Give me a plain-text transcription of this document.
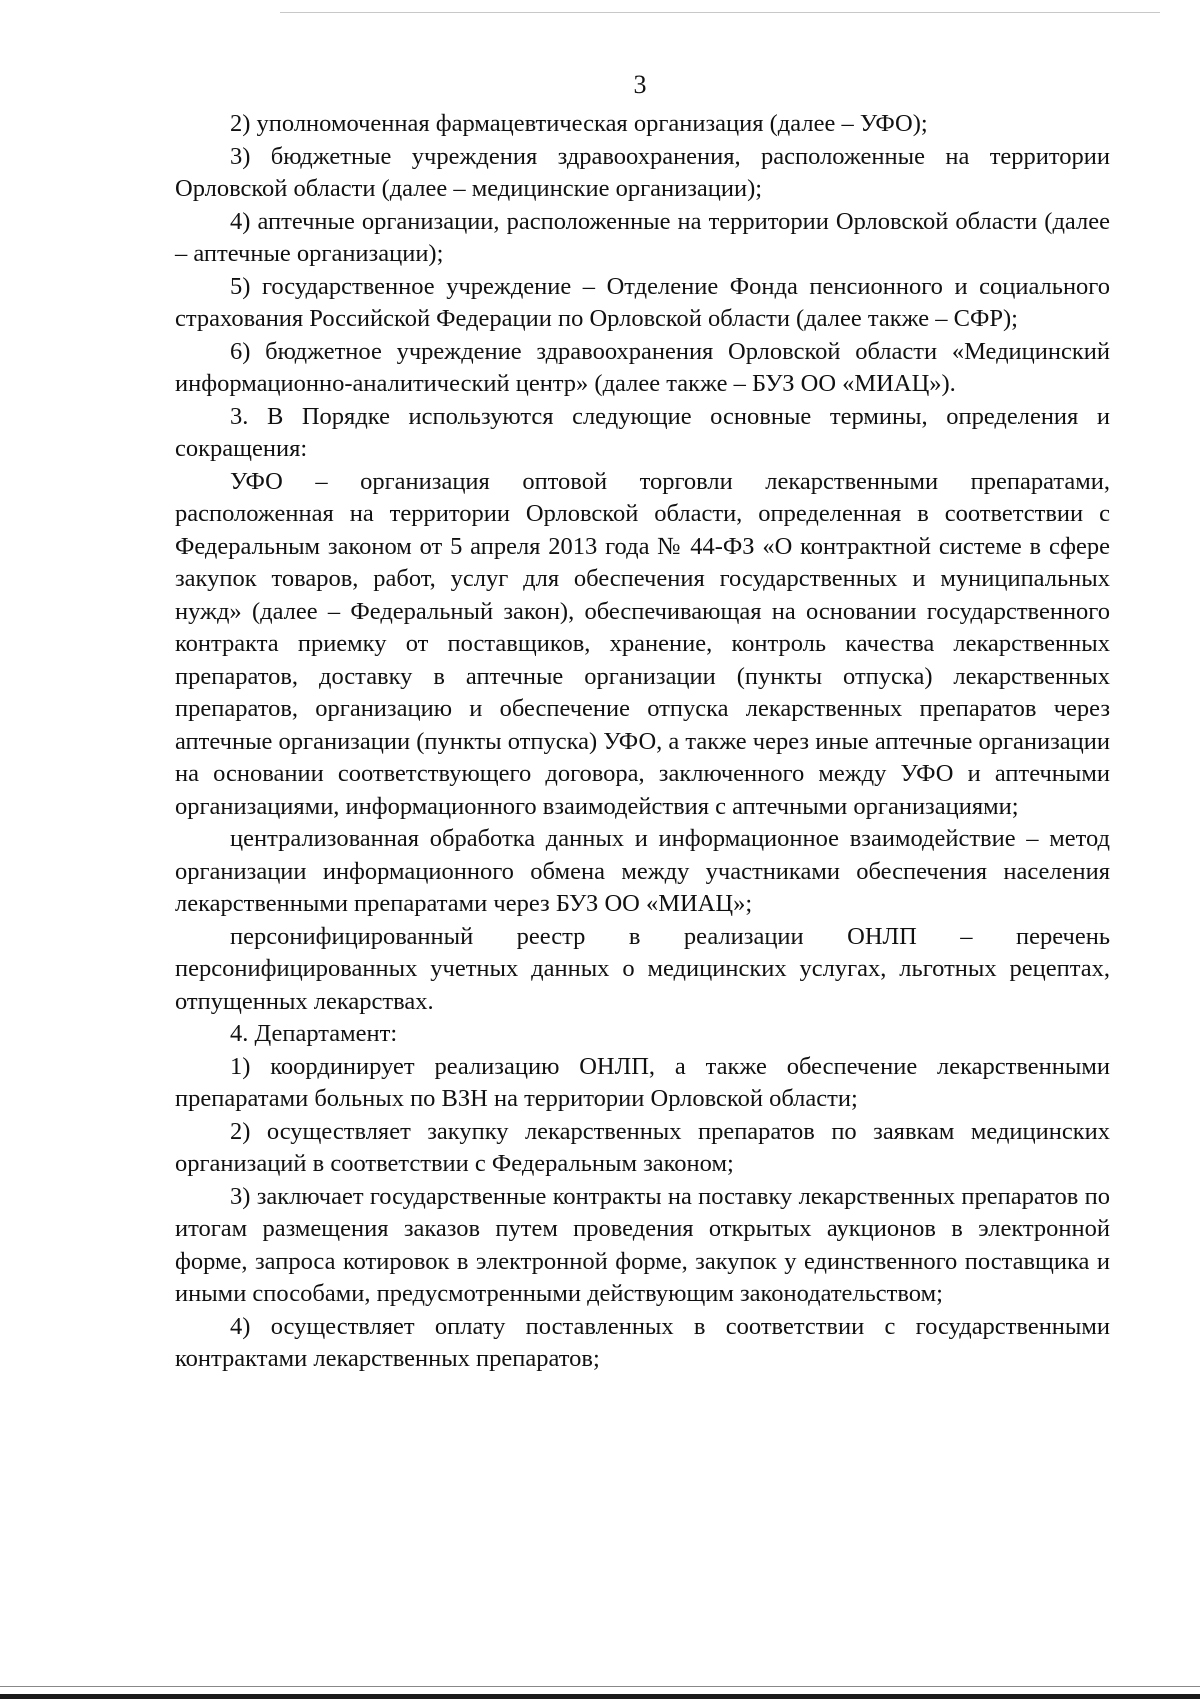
3

2) уполномоченная фармацевтическая организация (далее – УФО);

3) бюджетные учреждения здравоохранения, расположенные на территории Орловской области (далее – медицинские организации);

4) аптечные организации, расположенные на территории Орловской области (далее – аптечные организации);

5) государственное учреждение – Отделение Фонда пенсионного и социального страхования Российской Федерации по Орловской области (далее также – СФР);

6) бюджетное учреждение здравоохранения Орловской области «Медицинский информационно-аналитический центр» (далее также – БУЗ ОО «МИАЦ»).

3. В Порядке используются следующие основные термины, определения и сокращения:

УФО – организация оптовой торговли лекарственными препаратами, расположенная на территории Орловской области, определенная в соответствии с Федеральным законом от 5 апреля 2013 года № 44-ФЗ «О контрактной системе в сфере закупок товаров, работ, услуг для обеспечения государственных и муниципальных нужд» (далее – Федеральный закон), обеспечивающая на основании государственного контракта приемку от поставщиков, хранение, контроль качества лекарственных препаратов, доставку в аптечные организации (пункты отпуска) лекарственных препаратов, организацию и обеспечение отпуска лекарственных препаратов через аптечные организации (пункты отпуска) УФО, а также через иные аптечные организации на основании соответствующего договора, заключенного между УФО и аптечными организациями, информационного взаимодействия с аптечными организациями;

централизованная обработка данных и информационное взаимодействие – метод организации информационного обмена между участниками обеспечения населения лекарственными препаратами через БУЗ ОО «МИАЦ»;

персонифицированный реестр в реализации ОНЛП – перечень персонифицированных учетных данных о медицинских услугах, льготных рецептах, отпущенных лекарствах.

4. Департамент:

1) координирует реализацию ОНЛП, а также обеспечение лекарственными препаратами больных по ВЗН на территории Орловской области;

2) осуществляет закупку лекарственных препаратов по заявкам медицинских организаций в соответствии с Федеральным законом;

3) заключает государственные контракты на поставку лекарственных препаратов по итогам размещения заказов путем проведения открытых аукционов в электронной форме, запроса котировок в электронной форме, закупок у единственного поставщика и иными способами, предусмотренными действующим законодательством;

4) осуществляет оплату поставленных в соответствии с государственными контрактами лекарственных препаратов;
